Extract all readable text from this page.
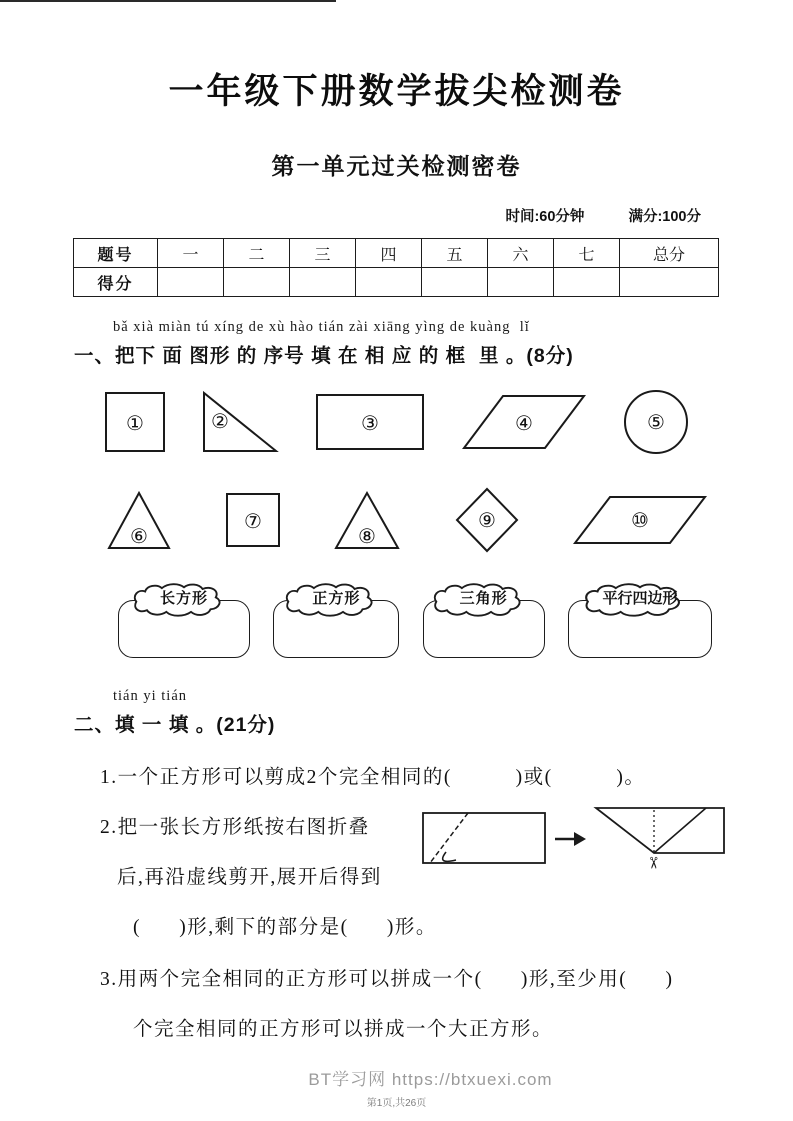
一年级下册数学拔尖检测卷
第一单元过关检测密卷
时间:60分钟	满分:100分
题号	一	二	三	四	五	六	七	总分
得分								
bǎ xià miàn tú xíng de xù hào tián zài xiāng yìng de kuàng  lǐ
一、把下 面 图形 的 序号 填 在 相 应 的 框  里 。(8分)
①	②	③	④	⑤
⑥
⑦
⑧
⑨	⑩
长方形	正方形	三角形	平行四边形
tián yi tián
二、填 一 填 。(21分)
1.一个正方形可以剪成2个完全相同的(          )或(          )。
2.把一张长方形纸按右图折叠
后,再沿虚线剪开,展开后得到
(      )形,剩下的部分是(      )形。
✂
3.用两个完全相同的正方形可以拼成一个(      )形,至少用(      )
个完全相同的正方形可以拼成一个大正方形。
BT学习网 https://btxuexi.com
第1页,共26页
